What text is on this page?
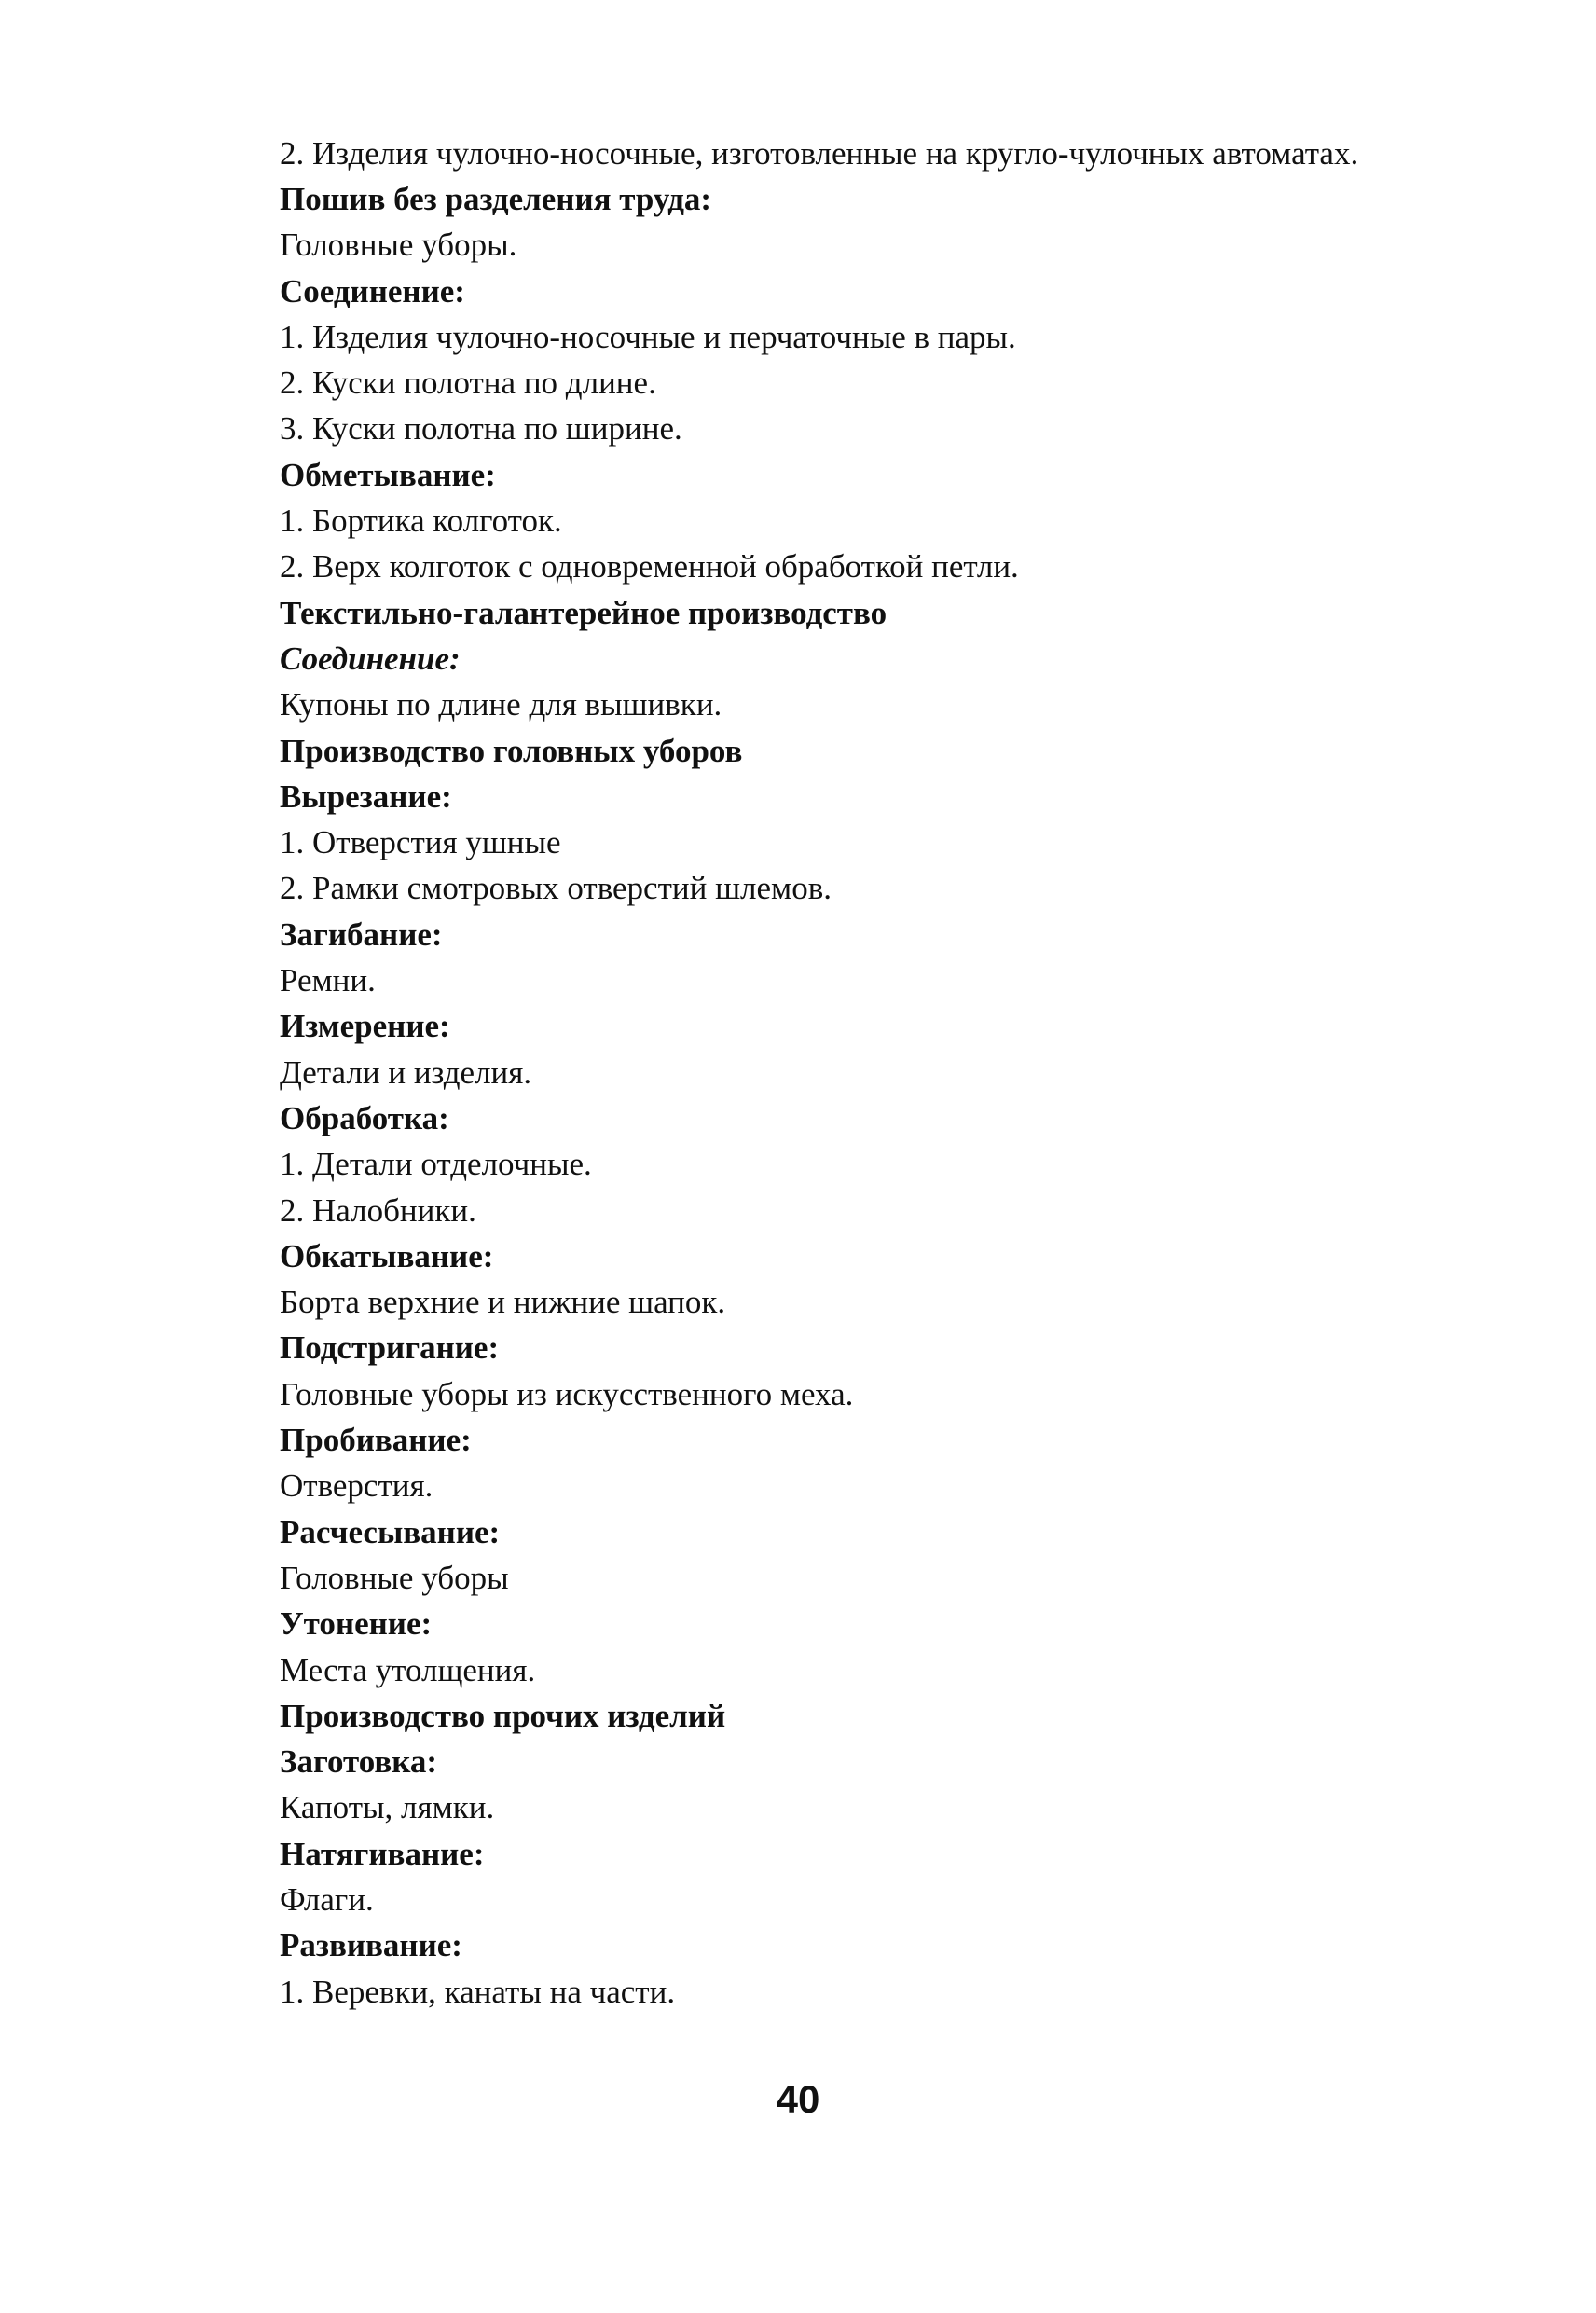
2. Изделия чулочно-носочные, изготовленные на кругло-чулочных автоматах.

Пошив без разделения труда:

Головные уборы.

Соединение:

1. Изделия чулочно-носочные и перчаточные в пары.

2. Куски полотна по длине.

3. Куски полотна по ширине.

Обметывание:

1. Бортика колготок.

2. Верх колготок с одновременной обработкой петли.

Текстильно-галантерейное производство

Соединение:

Купоны по длине для вышивки.

Производство головных уборов

Вырезание:

1. Отверстия ушные

2. Рамки смотровых отверстий шлемов.

Загибание:

Ремни.

Измерение:

Детали и изделия.

Обработка:

1. Детали отделочные.

2. Налобники.

Обкатывание:

Борта верхние и нижние шапок.

Подстригание:

Головные уборы из искусственного меха.

Пробивание:

Отверстия.

Расчесывание:

Головные уборы

Утонение:

Места утолщения.

Производство прочих изделий

Заготовка:

Капоты, лямки.

Натягивание:

Флаги.

Развивание:

1. Веревки, канаты на части.

40
